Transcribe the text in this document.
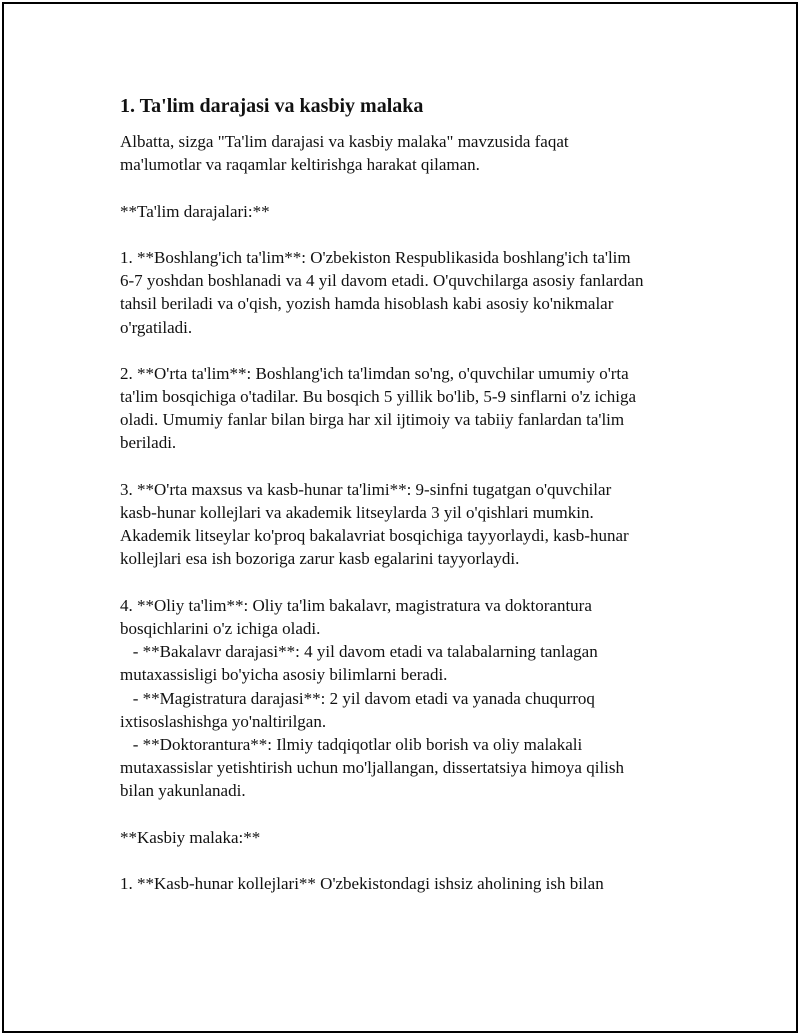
1. Ta'lim darajasi va kasbiy malaka
Albatta, sizga "Ta'lim darajasi va kasbiy malaka" mavzusida faqat
ma'lumotlar va raqamlar keltirishga harakat qilaman.
**Ta'lim darajalari:**
1. **Boshlang'ich ta'lim**: O'zbekiston Respublikasida boshlang'ich ta'lim
6-7 yoshdan boshlanadi va 4 yil davom etadi. O'quvchilarga asosiy fanlardan
tahsil beriladi va o'qish, yozish hamda hisoblash kabi asosiy ko'nikmalar
o'rgatiladi.
2. **O'rta ta'lim**: Boshlang'ich ta'limdan so'ng, o'quvchilar umumiy o'rta
ta'lim bosqichiga o'tadilar. Bu bosqich 5 yillik bo'lib, 5-9 sinflarni o'z ichiga
oladi. Umumiy fanlar bilan birga har xil ijtimoiy va tabiiy fanlardan ta'lim
beriladi.
3. **O'rta maxsus va kasb-hunar ta'limi**: 9-sinfni tugatgan o'quvchilar
kasb-hunar kollejlari va akademik litseylarda 3 yil o'qishlari mumkin.
Akademik litseylar ko'proq bakalavriat bosqichiga tayyorlaydi, kasb-hunar
kollejlari esa ish bozoriga zarur kasb egalarini tayyorlaydi.
4. **Oliy ta'lim**: Oliy ta'lim bakalavr, magistratura va doktorantura
bosqichlarini o'z ichiga oladi.
- **Bakalavr darajasi**: 4 yil davom etadi va talabalarning tanlagan
mutaxassisligi bo'yicha asosiy bilimlarni beradi.
- **Magistratura darajasi**: 2 yil davom etadi va yanada chuqurroq
ixtisoslashishga yo'naltirilgan.
- **Doktorantura**: Ilmiy tadqiqotlar olib borish va oliy malakali
mutaxassislar yetishtirish uchun mo'ljallangan, dissertatsiya himoya qilish
bilan yakunlanadi.
**Kasbiy malaka:**
1. **Kasb-hunar kollejlari** O'zbekistondagi ishsiz aholining ish bilan
